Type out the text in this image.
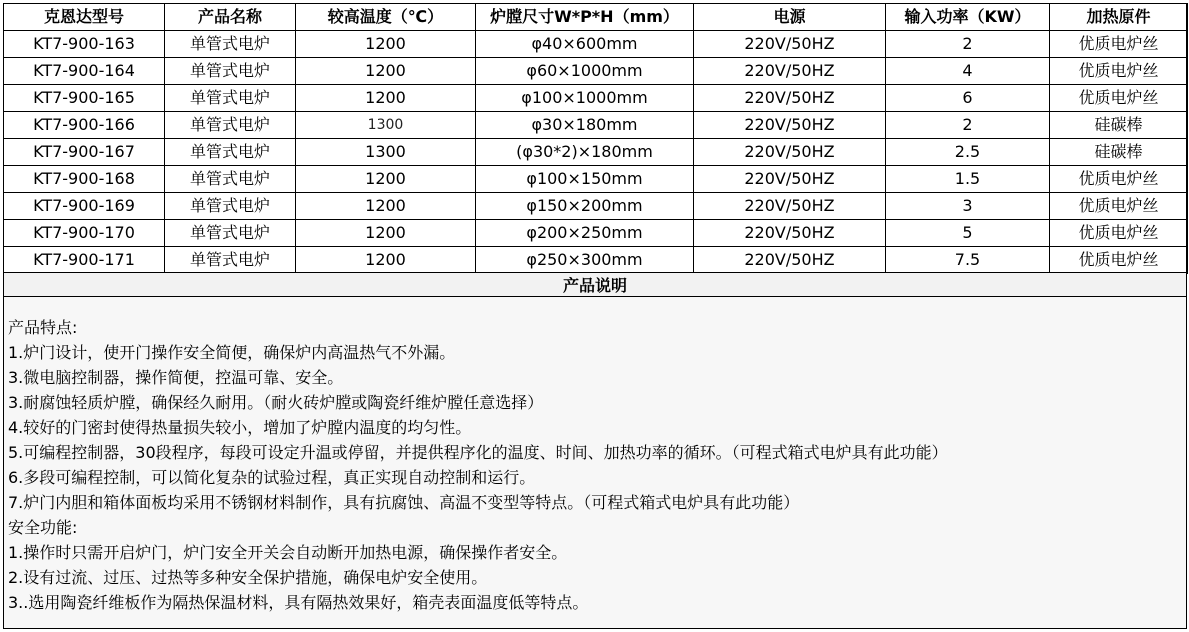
克恩达型号	产品名称	较高温度（℃）	炉膛尺寸W*P*H（mm）	电源	输入功率（KW）	加热原件
KT7-900-163	单管式电炉	1200	φ40×600mm	220V/50HZ	2	优质电炉丝
KT7-900-164	单管式电炉	1200	φ60×1000mm	220V/50HZ	4	优质电炉丝
KT7-900-165	单管式电炉	1200	φ100×1000mm	220V/50HZ	6	优质电炉丝
KT7-900-166	单管式电炉	1300	φ30×180mm	220V/50HZ	2	硅碳棒
KT7-900-167	单管式电炉	1300	(φ30*2)×180mm	220V/50HZ	2.5	硅碳棒
KT7-900-168	单管式电炉	1200	φ100×150mm	220V/50HZ	1.5	优质电炉丝
KT7-900-169	单管式电炉	1200	φ150×200mm	220V/50HZ	3	优质电炉丝
KT7-900-170	单管式电炉	1200	φ200×250mm	220V/50HZ	5	优质电炉丝
KT7-900-171	单管式电炉	1200	φ250×300mm	220V/50HZ	7.5	优质电炉丝
产品说明
产品特点:
1.炉门设计，使开门操作安全简便，确保炉内高温热气不外漏。
3.微电脑控制器，操作简便，控温可靠、安全。
3.耐腐蚀轻质炉膛，确保经久耐用。（耐火砖炉膛或陶瓷纤维炉膛任意选择）
4.较好的门密封使得热量损失较小，增加了炉膛内温度的均匀性。
5.可编程控制器，30段程序，每段可设定升温或停留，并提供程序化的温度、时间、加热功率的循环。（可程式箱式电炉具有此功能）
6.多段可编程控制，可以简化复杂的试验过程，真正实现自动控制和运行。
7.炉门内胆和箱体面板均采用不锈钢材料制作，具有抗腐蚀、高温不变型等特点。（可程式箱式电炉具有此功能）
安全功能:
1.操作时只需开启炉门，炉门安全开关会自动断开加热电源，确保操作者安全。
2.设有过流、过压、过热等多种安全保护措施，确保电炉安全使用。
3..选用陶瓷纤维板作为隔热保温材料，具有隔热效果好，箱壳表面温度低等特点。
